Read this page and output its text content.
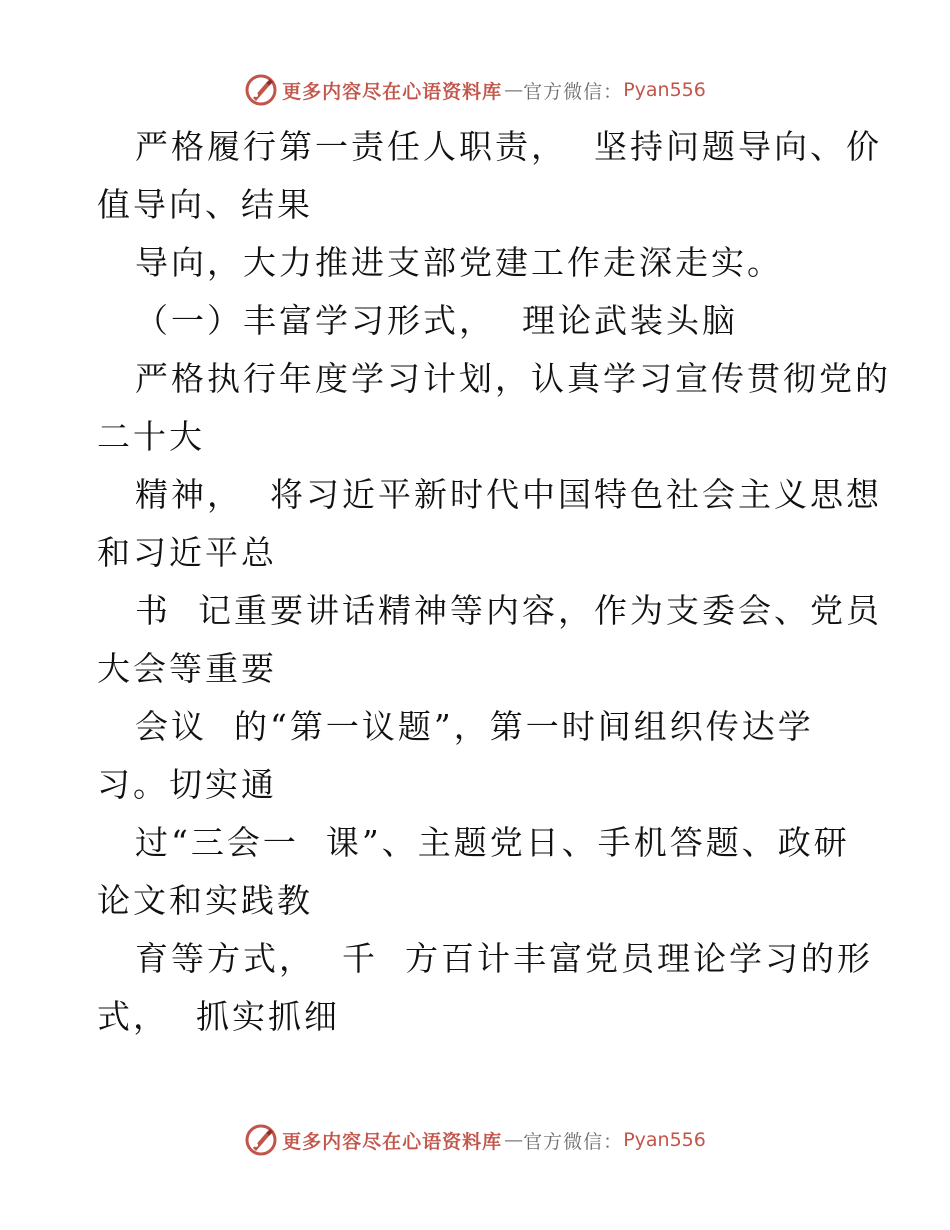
更多内容尽在心语资料库 — 官方微信： Pyan556
严格履行第一责任人职责，  坚持问题导向、价
值导向、结果
导向，大力推进支部党建工作走深走实。
（一）丰富学习形式，  理论武装头脑
严格执行年度学习计划，认真学习宣传贯彻党的
二十大
精神，  将习近平新时代中国特色社会主义思想
和习近平总
书  记重要讲话精神等内容，作为支委会、党员
大会等重要
会议  的“第一议题”，第一时间组织传达学
习。切实通
过“三会一  课”、主题党日、手机答题、政研
论文和实践教
育等方式，  千  方百计丰富党员理论学习的形
式，  抓实抓细
更多内容尽在心语资料库 — 官方微信： Pyan556
